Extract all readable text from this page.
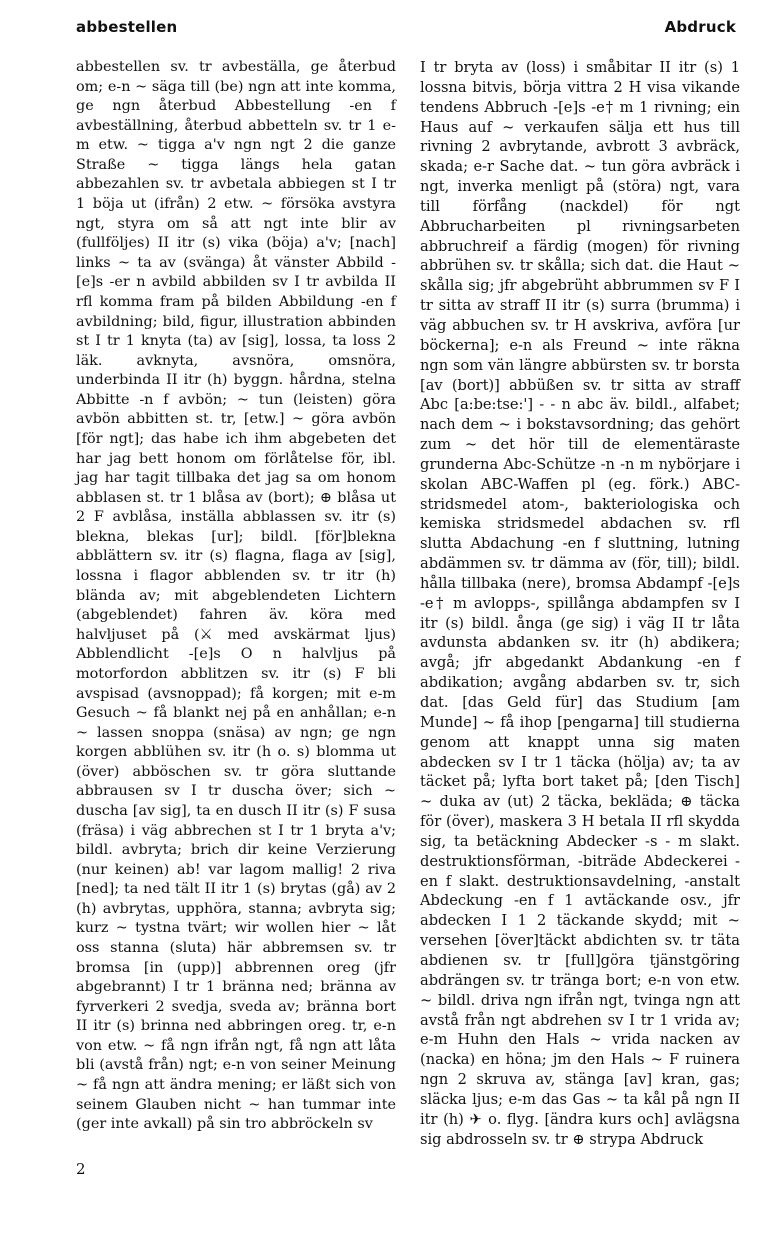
abbestellen	Abdruck

abbestellen sv. tr avbeställa, ge återbud om; e-n ~ säga till (be) ngn att inte komma, ge ngn återbud Abbestellung -en f avbeställning, återbud abbetteln sv. tr 1 e-m etw. ~ tigga a'v ngn ngt 2 die ganze Straße ~ tigga längs hela gatan abbezahlen sv. tr avbetala abbiegen st I tr 1 böja ut (ifrån) 2 etw. ~ försöka avstyra ngt, styra om så att ngt inte blir av (fullföljes) II itr (s) vika (böja) a'v; [nach] links ~ ta av (svänga) åt vänster Abbild -[e]s -er n avbild abbilden sv I tr avbilda II rfl komma fram på bilden Abbildung -en f avbildning; bild, figur, illustration abbinden st I tr 1 knyta (ta) av [sig], lossa, ta loss 2 läk. avknyta, avsnöra, omsnöra, underbinda II itr (h) byggn. hårdna, stelna Abbitte -n f avbön; ~ tun (leisten) göra avbön abbitten st. tr, [etw.] ~ göra avbön [för ngt]; das habe ich ihm abgebeten det har jag bett honom om förlåtelse för, ibl. jag har tagit tillbaka det jag sa om honom abblasen st. tr 1 blåsa av (bort); ⊕ blåsa ut 2 F avblåsa, inställa abblassen sv. itr (s) blekna, blekas [ur]; bildl. [för]blekna abblättern sv. itr (s) flagna, flaga av [sig], lossna i flagor abblenden sv. tr itr (h) blända av; mit abgeblendeten Lichtern (abgeblendet) fahren äv. köra med halvljuset på (⚔ med avskärmat ljus) Abblendlicht -[e]s O n halvljus på motorfordon abblitzen sv. itr (s) F bli avspisad (avsnoppad); få korgen; mit e-m Gesuch ~ få blankt nej på en anhållan; e-n ~ lassen snoppa (snäsa) av ngn; ge ngn korgen abblühen sv. itr (h o. s) blomma ut (över) abböschen sv. tr göra sluttande abbrausen sv I tr duscha över; sich ~ duscha [av sig], ta en dusch II itr (s) F susa (fräsa) i väg abbrechen st I tr 1 bryta a'v; bildl. avbryta; brich dir keine Verzierung (nur keinen) ab! var lagom mallig! 2 riva [ned]; ta ned tält II itr 1 (s) brytas (gå) av 2 (h) avbrytas, upphöra, stanna; avbryta sig; kurz ~ tystna tvärt; wir wollen hier ~ låt oss stanna (sluta) här abbremsen sv. tr bromsa [in (upp)] abbrennen oreg (jfr abgebrannt) I tr 1 bränna ned; bränna av fyrverkeri 2 svedja, sveda av; bränna bort II itr (s) brinna ned abbringen oreg. tr, e-n von etw. ~ få ngn ifrån ngt, få ngn att låta bli (avstå från) ngt; e-n von seiner Meinung ~ få ngn att ändra mening; er läßt sich von seinem Glauben nicht ~ han tummar inte (ger inte avkall) på sin tro abbröckeln sv

I tr bryta av (loss) i småbitar II itr (s) 1 lossna bitvis, börja vittra 2 H visa vikande tendens Abbruch -[e]s -e† m 1 rivning; ein Haus auf ~ verkaufen sälja ett hus till rivning 2 avbrytande, avbrott 3 avbräck, skada; e-r Sache dat. ~ tun göra avbräck i ngt, inverka menligt på (störa) ngt, vara till förfång (nackdel) för ngt Abbrucharbeiten pl rivningsarbeten abbruchreif a färdig (mogen) för rivning abbrühen sv. tr skålla; sich dat. die Haut ~ skålla sig; jfr abgebrüht abbrummen sv F I tr sitta av straff II itr (s) surra (brumma) i väg abbuchen sv. tr H avskriva, avföra [ur böckerna]; e-n als Freund ~ inte räkna ngn som vän längre abbürsten sv. tr borsta [av (bort)] abbüßen sv. tr sitta av straff Abc [a:be:tse:'] - - n abc äv. bildl., alfabet; nach dem ~ i bokstavsordning; das gehört zum ~ det hör till de elementäraste grunderna Abc-Schütze -n -n m nybörjare i skolan ABC-Waffen pl (eg. förk.) ABC-stridsmedel atom-, bakteriologiska och kemiska stridsmedel abdachen sv. rfl slutta Abdachung -en f sluttning, lutning abdämmen sv. tr dämma av (för, till); bildl. hålla tillbaka (nere), bromsa Abdampf -[e]s -e† m avlopps-, spillånga abdampfen sv I itr (s) bildl. ånga (ge sig) i väg II tr låta avdunsta abdanken sv. itr (h) abdikera; avgå; jfr abgedankt Abdankung -en f abdikation; avgång abdarben sv. tr, sich dat. [das Geld für] das Studium [am Munde] ~ få ihop [pengarna] till studierna genom att knappt unna sig maten abdecken sv I tr 1 täcka (hölja) av; ta av täcket på; lyfta bort taket på; [den Tisch] ~ duka av (ut) 2 täcka, bekläda; ⊕ täcka för (över), maskera 3 H betala II rfl skydda sig, ta betäckning Abdecker -s - m slakt. destruktionsförman, -biträde Abdeckerei -en f slakt. destruktionsavdelning, -anstalt Abdeckung -en f 1 avtäckande osv., jfr abdecken I 1 2 täckande skydd; mit ~ versehen [över]täckt abdichten sv. tr täta abdienen sv. tr [full]göra tjänstgöring abdrängen sv. tr tränga bort; e-n von etw. ~ bildl. driva ngn ifrån ngt, tvinga ngn att avstå från ngt abdrehen sv I tr 1 vrida av; e-m Huhn den Hals ~ vrida nacken av (nacka) en höna; jm den Hals ~ F ruinera ngn 2 skruva av, stänga [av] kran, gas; släcka ljus; e-m das Gas ~ ta kål på ngn II itr (h) ✈ o. flyg. [ändra kurs och] avlägsna sig abdrosseln sv. tr ⊕ strypa Abdruck

2
